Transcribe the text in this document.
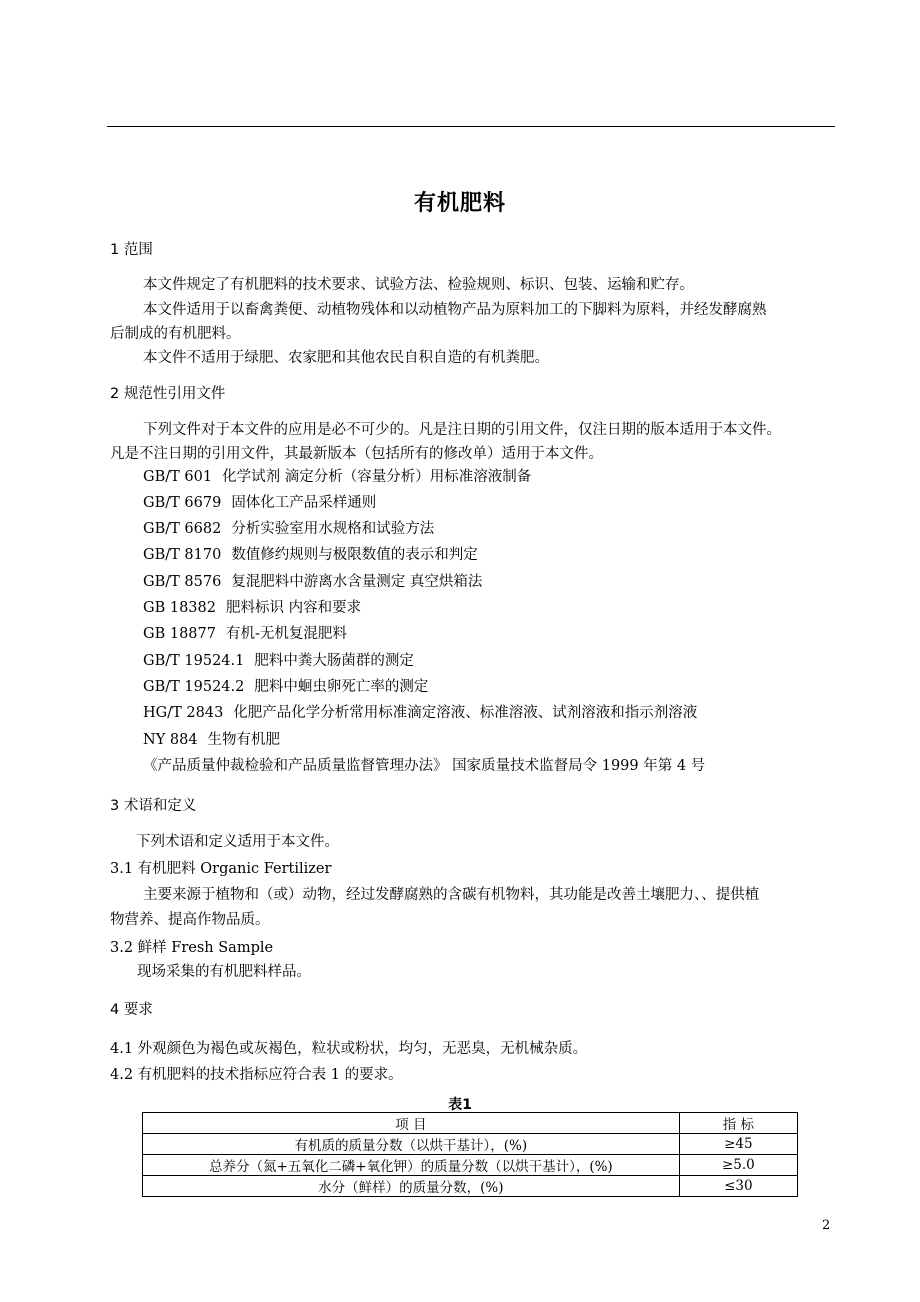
有机肥料
1 范围
本文件规定了有机肥料的技术要求、试验方法、检验规则、标识、包装、运输和贮存。
本文件适用于以畜禽粪便、动植物残体和以动植物产品为原料加工的下脚料为原料，并经发酵腐熟
后制成的有机肥料。
本文件不适用于绿肥、农家肥和其他农民自积自造的有机粪肥。
2 规范性引用文件
下列文件对于本文件的应用是必不可少的。凡是注日期的引用文件，仅注日期的版本适用于本文件。
凡是不注日期的引用文件，其最新版本（包括所有的修改单）适用于本文件。
GB/T 601 化学试剂 滴定分析（容量分析）用标准溶液制备
GB/T 6679 固体化工产品采样通则
GB/T 6682 分析实验室用水规格和试验方法
GB/T 8170 数值修约规则与极限数值的表示和判定
GB/T 8576 复混肥料中游离水含量测定 真空烘箱法
GB 18382 肥料标识 内容和要求
GB 18877 有机-无机复混肥料
GB/T 19524.1 肥料中粪大肠菌群的测定
GB/T 19524.2 肥料中蛔虫卵死亡率的测定
HG/T 2843 化肥产品化学分析常用标准滴定溶液、标准溶液、试剂溶液和指示剂溶液
NY 884 生物有机肥
《产品质量仲裁检验和产品质量监督管理办法》 国家质量技术监督局令 1999 年第 4 号
3 术语和定义
下列术语和定义适用于本文件。
3.1 有机肥料 Organic Fertilizer
主要来源于植物和（或）动物，经过发酵腐熟的含碳有机物料，其功能是改善土壤肥力、、提供植
物营养、提高作物品质。
3.2 鲜样 Fresh Sample
现场采集的有机肥料样品。
4 要求
4.1 外观颜色为褐色或灰褐色，粒状或粉状，均匀，无恶臭，无机械杂质。
4.2 有机肥料的技术指标应符合表 1 的要求。
表1
项 目	指 标
有机质的质量分数（以烘干基计），(%)	≥45
总养分（氮+五氧化二磷+氧化钾）的质量分数（以烘干基计），(%)	≥5.0
水分（鲜样）的质量分数，(%)	≤30
2
